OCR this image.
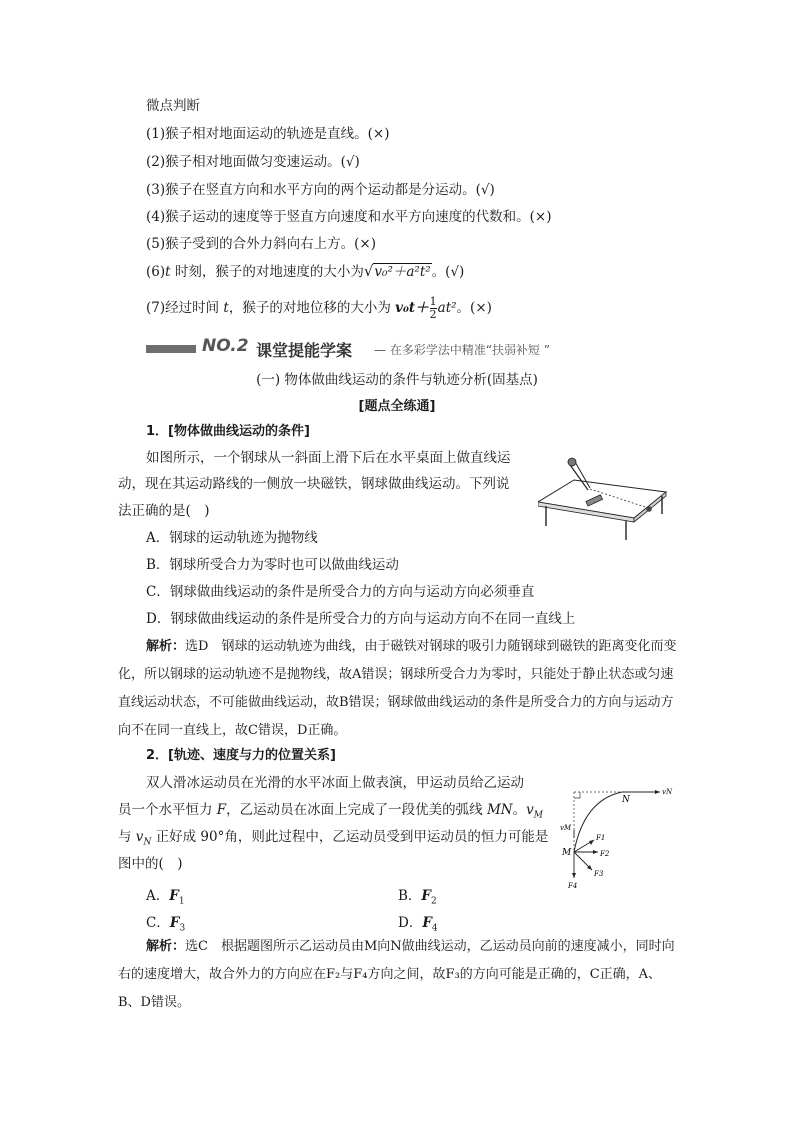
微点判断
(1)猴子相对地面运动的轨迹是直线。(×)
(2)猴子相对地面做匀变速运动。(√)
(3)猴子在竖直方向和水平方向的两个运动都是分运动。(√)
(4)猴子运动的速度等于竖直方向速度和水平方向速度的代数和。(×)
(5)猴子受到的合外力斜向右上方。(×)
(6)t 时刻，猴子的对地速度的大小为√v₀²＋a²t²。(√)
(7)经过时间 t，猴子的对地位移的大小为 $v_0t+ \frac{1}{2} at^2$。(×)
NO.2 课堂提能学案 — 在多彩学法中精准“扶弱补短 ”
(一) 物体做曲线运动的条件与轨迹分析(固基点)
[题点全练通]
1．[物体做曲线运动的条件]
如图所示，一个钢球从一斜面上滑下后在水平桌面上做直线运
动，现在其运动路线的一侧放一块磁铁，钢球做曲线运动。下列说
法正确的是(　)
A．钢球的运动轨迹为抛物线
B．钢球所受合力为零时也可以做曲线运动
C．钢球做曲线运动的条件是所受合力的方向与运动方向必须垂直
D．钢球做曲线运动的条件是所受合力的方向与运动方向不在同一直线上
解析：选D　钢球的运动轨迹为曲线，由于磁铁对钢球的吸引力随钢球到磁铁的距离变化而变化，所以钢球的运动轨迹不是抛物线，故A错误；钢球所受合力为零时，只能处于静止状态或匀速直线运动状态，不可能做曲线运动，故B错误；钢球做曲线运动的条件是所受合力的方向与运动方向不在同一直线上，故C错误，D正确。
2．[轨迹、速度与力的位置关系]
双人滑冰运动员在光滑的水平冰面上做表演，甲运动员给乙运动
员一个水平恒力 F，乙运动员在冰面上完成了一段优美的弧线 MN。$v_M$
与 $v_N$ 正好成 90°角，则此过程中，乙运动员受到甲运动员的恒力可能是
图中的(　)
vN
N
vM
M
F1
F2
F3
F4
A．$F_1$	B．$F_2$
C．$F_3$	D．$F_4$
解析：选C　根据题图所示乙运动员由M向N做曲线运动，乙运动员向前的速度减小，同时向右的速度增大，故合外力的方向应在F₂与F₄方向之间，故F₃的方向可能是正确的，C正确，A、B、D错误。
